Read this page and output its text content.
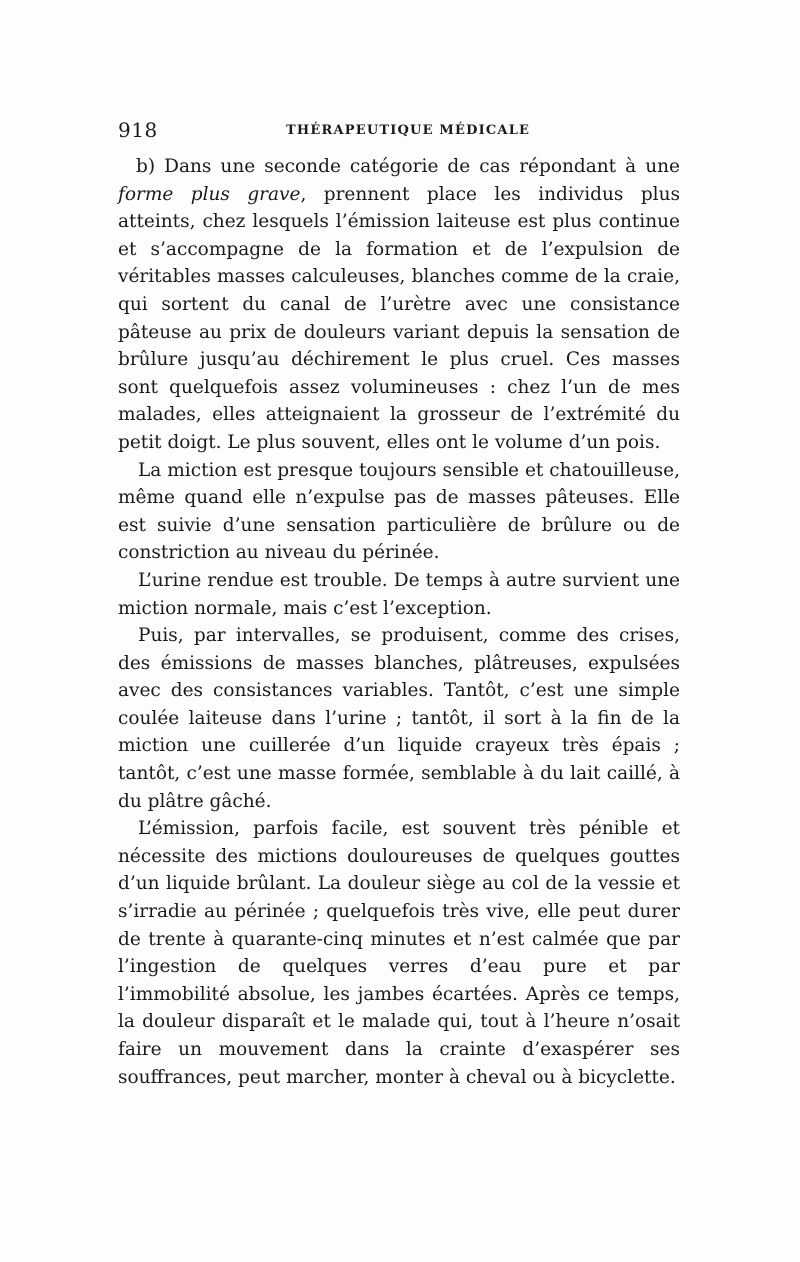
918	THÉRAPEUTIQUE MÉDICALE

b) Dans une seconde catégorie de cas répondant à une forme plus grave, prennent place les individus plus atteints, chez lesquels l’émission laiteuse est plus continue et s’accompagne de la formation et de l’expulsion de véritables masses calculeuses, blanches comme de la craie, qui sortent du canal de l’urètre avec une consistance pâteuse au prix de douleurs variant depuis la sensation de brûlure jusqu’au déchirement le plus cruel. Ces masses sont quelquefois assez volumineuses : chez l’un de mes malades, elles atteignaient la grosseur de l’extrémité du petit doigt. Le plus souvent, elles ont le volume d’un pois.

La miction est presque toujours sensible et chatouilleuse, même quand elle n’expulse pas de masses pâteuses. Elle est suivie d’une sensation particulière de brûlure ou de constriction au niveau du périnée.

L’urine rendue est trouble. De temps à autre survient une miction normale, mais c’est l’exception.

Puis, par intervalles, se produisent, comme des crises, des émissions de masses blanches, plâtreuses, expulsées avec des consistances variables. Tantôt, c’est une simple coulée laiteuse dans l’urine ; tantôt, il sort à la fin de la miction une cuillerée d’un liquide crayeux très épais ; tantôt, c’est une masse formée, semblable à du lait caillé, à du plâtre gâché.

L’émission, parfois facile, est souvent très pénible et nécessite des mictions douloureuses de quelques gouttes d’un liquide brûlant. La douleur siège au col de la vessie et s’irradie au périnée ; quelquefois très vive, elle peut durer de trente à quarante-cinq minutes et n’est calmée que par l’ingestion de quelques verres d’eau pure et par l’immobilité absolue, les jambes écartées. Après ce temps, la douleur disparaît et le malade qui, tout à l’heure n’osait faire un mouvement dans la crainte d’exaspérer ses souffrances, peut marcher, monter à cheval ou à bicyclette.
